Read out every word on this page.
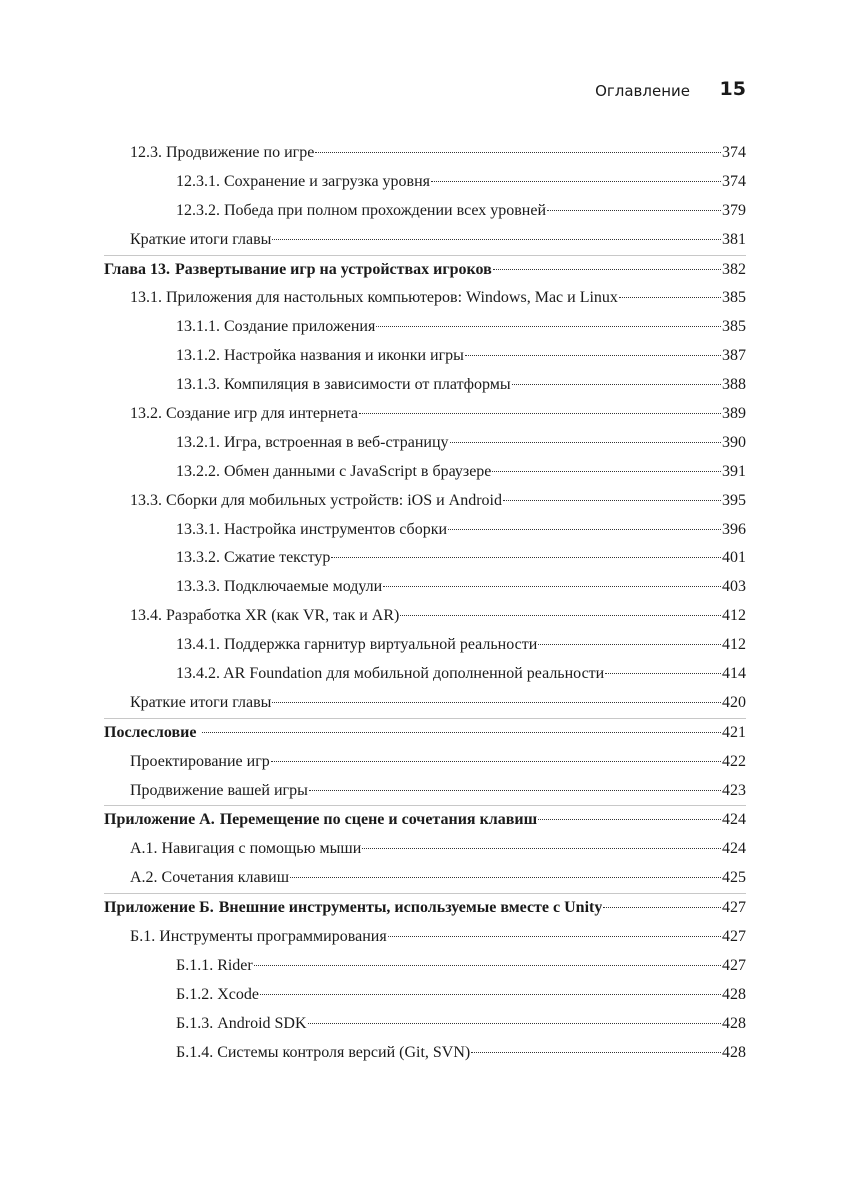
Оглавление 15
12.3. Продвижение по игре	374
12.3.1. Сохранение и загрузка уровня	374
12.3.2. Победа при полном прохождении всех уровней	379
Краткие итоги главы	381
Глава 13. Развертывание игр на устройствах игроков	382
13.1. Приложения для настольных компьютеров: Windows, Mac и Linux	385
13.1.1. Создание приложения	385
13.1.2. Настройка названия и иконки игры	387
13.1.3. Компиляция в зависимости от платформы	388
13.2. Создание игр для интернета	389
13.2.1. Игра, встроенная в веб-страницу	390
13.2.2. Обмен данными с JavaScript в браузере	391
13.3. Сборки для мобильных устройств: iOS и Android	395
13.3.1. Настройка инструментов сборки	396
13.3.2. Сжатие текстур	401
13.3.3. Подключаемые модули	403
13.4. Разработка XR (как VR, так и AR)	412
13.4.1. Поддержка гарнитур виртуальной реальности	412
13.4.2. AR Foundation для мобильной дополненной реальности	414
Краткие итоги главы	420
Послесловие	421
Проектирование игр	422
Продвижение вашей игры	423
Приложение А. Перемещение по сцене и сочетания клавиш	424
А.1. Навигация с помощью мыши	424
А.2. Сочетания клавиш	425
Приложение Б. Внешние инструменты, используемые вместе с Unity	427
Б.1. Инструменты программирования	427
Б.1.1. Rider	427
Б.1.2. Xcode	428
Б.1.3. Android SDK	428
Б.1.4. Системы контроля версий (Git, SVN)	428
